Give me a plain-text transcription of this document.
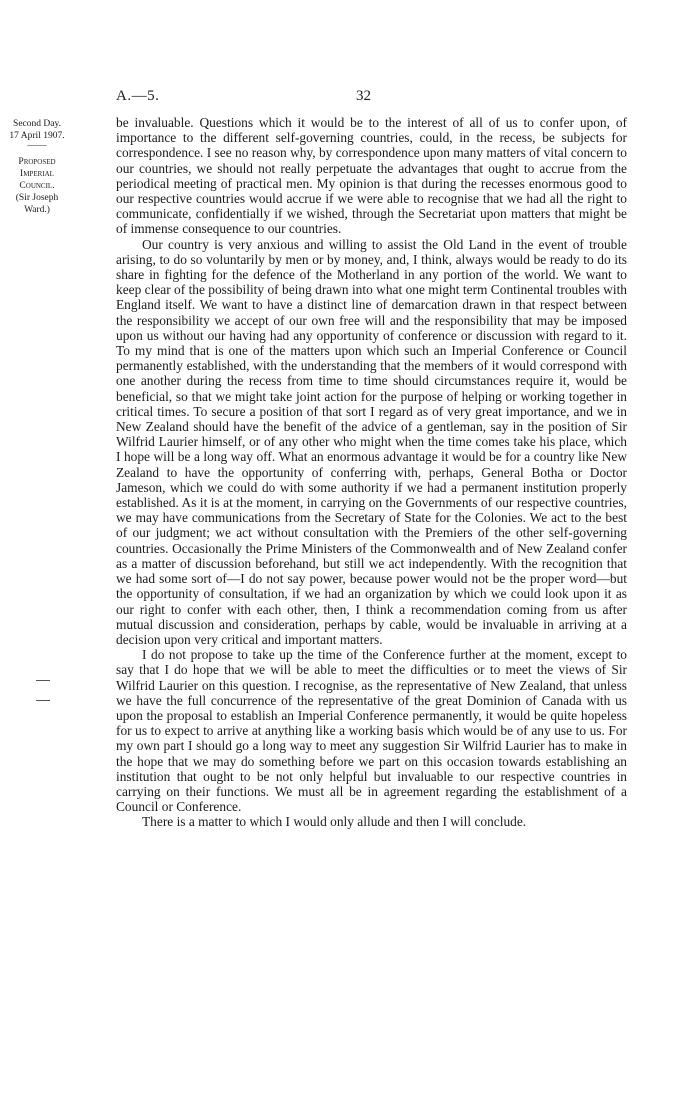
A.—5.	32
Second Day.
17 April 1907.
——
Proposed
Imperial
Council.
(Sir Joseph
Ward.)

be invaluable. Questions which it would be to the interest of all of us to confer upon, of importance to the different self-governing countries, could, in the recess, be subjects for correspondence. I see no reason why, by correspondence upon many matters of vital concern to our countries, we should not really perpetuate the advantages that ought to accrue from the periodical meeting of practical men. My opinion is that during the recesses enormous good to our respective countries would accrue if we were able to recognise that we had all the right to communicate, confidentially if we wished, through the Secretariat upon matters that might be of immense consequence to our countries.

Our country is very anxious and willing to assist the Old Land in the event of trouble arising, to do so voluntarily by men or by money, and, I think, always would be ready to do its share in fighting for the defence of the Motherland in any portion of the world. We want to keep clear of the possibility of being drawn into what one might term Continental troubles with England itself. We want to have a distinct line of demarcation drawn in that respect between the responsibility we accept of our own free will and the responsibility that may be imposed upon us without our having had any opportunity of conference or discussion with regard to it. To my mind that is one of the matters upon which such an Imperial Conference or Council permanently established, with the understanding that the members of it would correspond with one another during the recess from time to time should circumstances require it, would be beneficial, so that we might take joint action for the purpose of helping or working together in critical times. To secure a position of that sort I regard as of very great importance, and we in New Zealand should have the benefit of the advice of a gentleman, say in the position of Sir Wilfrid Laurier himself, or of any other who might when the time comes take his place, which I hope will be a long way off. What an enormous advantage it would be for a country like New Zealand to have the opportunity of conferring with, perhaps, General Botha or Doctor Jameson, which we could do with some authority if we had a permanent institution properly established. As it is at the moment, in carrying on the Governments of our respective countries, we may have communications from the Secretary of State for the Colonies. We act to the best of our judgment; we act without consultation with the Premiers of the other self-governing countries. Occasionally the Prime Ministers of the Commonwealth and of New Zealand confer as a matter of discussion beforehand, but still we act independently. With the recognition that we had some sort of—I do not say power, because power would not be the proper word—but the opportunity of consultation, if we had an organization by which we could look upon it as our right to confer with each other, then, I think a recommendation coming from us after mutual discussion and consideration, perhaps by cable, would be invaluable in arriving at a decision upon very critical and important matters.

I do not propose to take up the time of the Conference further at the moment, except to say that I do hope that we will be able to meet the difficulties or to meet the views of Sir Wilfrid Laurier on this question. I recognise, as the representative of New Zealand, that unless we have the full concurrence of the representative of the great Dominion of Canada with us upon the proposal to establish an Imperial Conference permanently, it would be quite hopeless for us to expect to arrive at anything like a working basis which would be of any use to us. For my own part I should go a long way to meet any suggestion Sir Wilfrid Laurier has to make in the hope that we may do something before we part on this occasion towards establishing an institution that ought to be not only helpful but invaluable to our respective countries in carrying on their functions. We must all be in agreement regarding the establishment of a Council or Conference.

There is a matter to which I would only allude and then I will conclude.
